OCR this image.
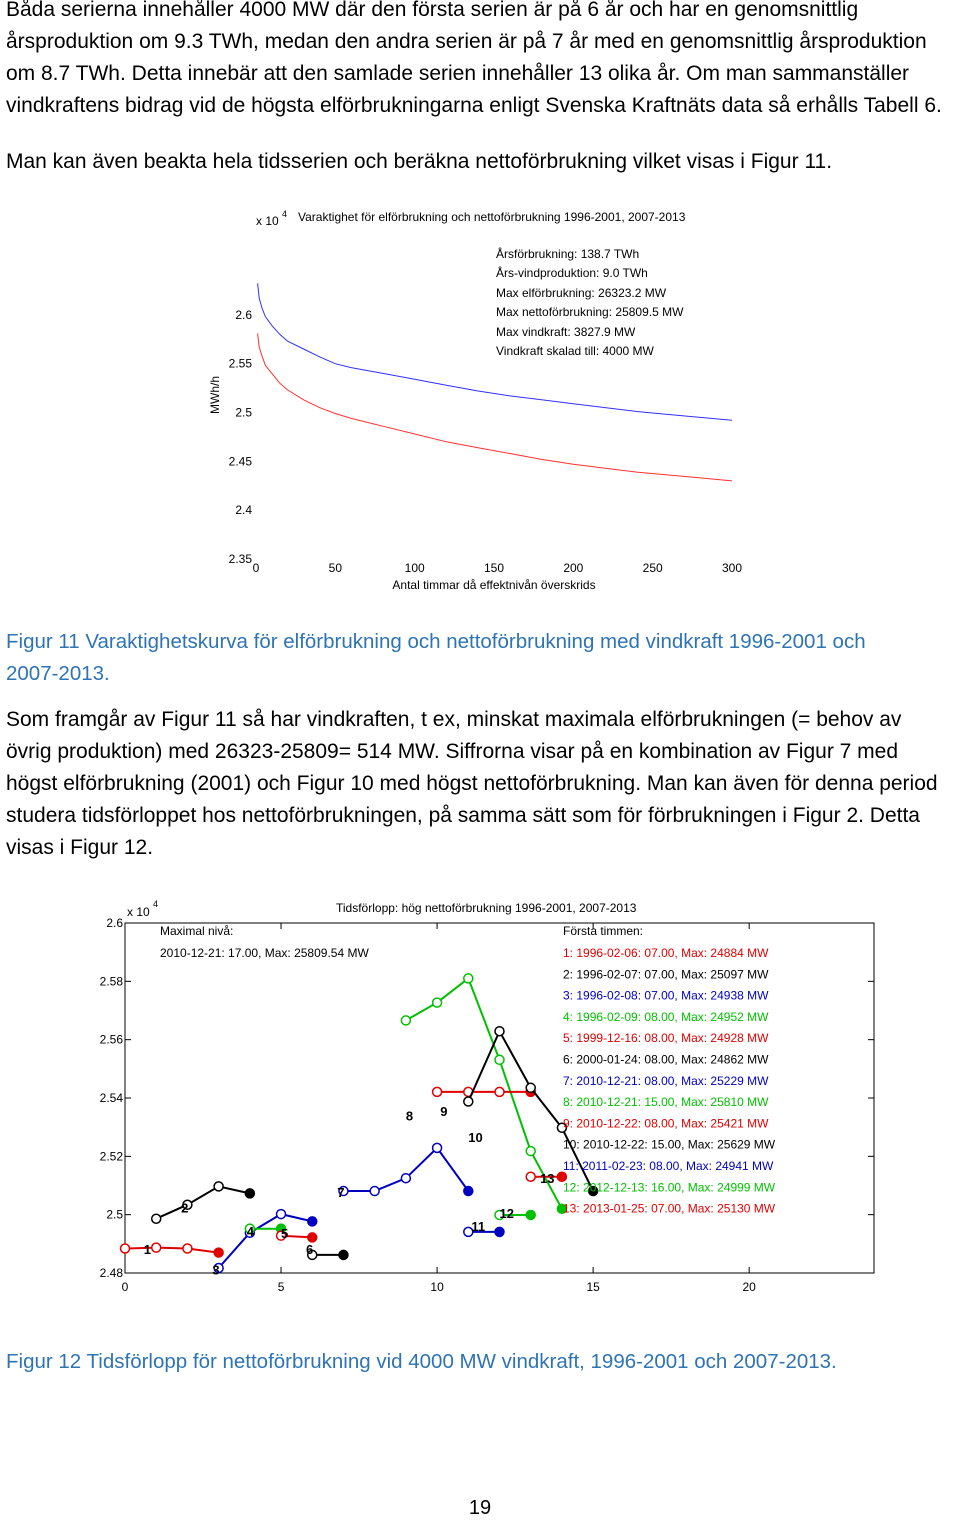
Båda serierna innehåller 4000 MW där den första serien är på 6 år och har en genomsnittlig
årsproduktion om 9.3 TWh, medan den andra serien är på 7 år med en genomsnittlig årsproduktion
om 8.7 TWh. Detta innebär att den samlade serien innehåller 13 olika år. Om man sammanställer
vindkraftens bidrag vid de högsta elförbrukningarna enligt Svenska Kraftnäts data så erhålls Tabell 6.

Man kan även beakta hela tidsserien och beräkna nettoförbrukning vilket visas i Figur 11.

x 10 4 Varaktighet för elförbrukning och nettoförbrukning 1996-2001, 2007-2013
2.6
2.55
2.5
2.45
2.4
2.35
0	50	100	150	200	250	300
MWh/h
Antal timmar då effektnivån överskrids
Årsförbrukning: 138.7 TWh
Års-vindproduktion: 9.0 TWh
Max elförbrukning: 26323.2 MW
Max nettoförbrukning: 25809.5 MW
Max vindkraft: 3827.9 MW
Vindkraft skalad till: 4000 MW

Figur 11 Varaktighetskurva för elförbrukning och nettoförbrukning med vindkraft 1996-2001 och
2007-2013.

Som framgår av Figur 11 så har vindkraften, t ex, minskat maximala elförbrukningen (= behov av
övrig produktion) med 26323-25809= 514 MW. Siffrorna visar på en kombination av Figur 7 med
högst elförbrukning (2001) och Figur 10 med högst nettoförbrukning. Man kan även för denna period
studera tidsförloppet hos nettoförbrukningen, på samma sätt som för förbrukningen i Figur 2. Detta
visas i Figur 12.

x 10
4	Tidsförlopp: hög nettoförbrukning 1996-2001, 2007-2013
2.6
2.58
2.56
2.54
2.52
2.5
2.48
0	5	10	15	20
Maximal nivå:
2010-12-21: 17.00, Max: 25809.54 MW
Första timmen:
1
2
3
4 5
6
7
8 9
10
11
12
13
1: 1996-02-06: 07.00, Max: 24884 MW
2: 1996-02-07: 07.00, Max: 25097 MW
3: 1996-02-08: 07.00, Max: 24938 MW
4: 1996-02-09: 08.00, Max: 24952 MW
5: 1999-12-16: 08.00, Max: 24928 MW
6: 2000-01-24: 08.00, Max: 24862 MW
7: 2010-12-21: 08.00, Max: 25229 MW
8: 2010-12-21: 15.00, Max: 25810 MW
9: 2010-12-22: 08.00, Max: 25421 MW
10: 2010-12-22: 15.00, Max: 25629 MW
11: 2011-02-23: 08.00, Max: 24941 MW
12: 2012-12-13: 16.00, Max: 24999 MW
13: 2013-01-25: 07.00, Max: 25130 MW

Figur 12 Tidsförlopp för nettoförbrukning vid 4000 MW vindkraft, 1996-2001 och 2007-2013.

19
